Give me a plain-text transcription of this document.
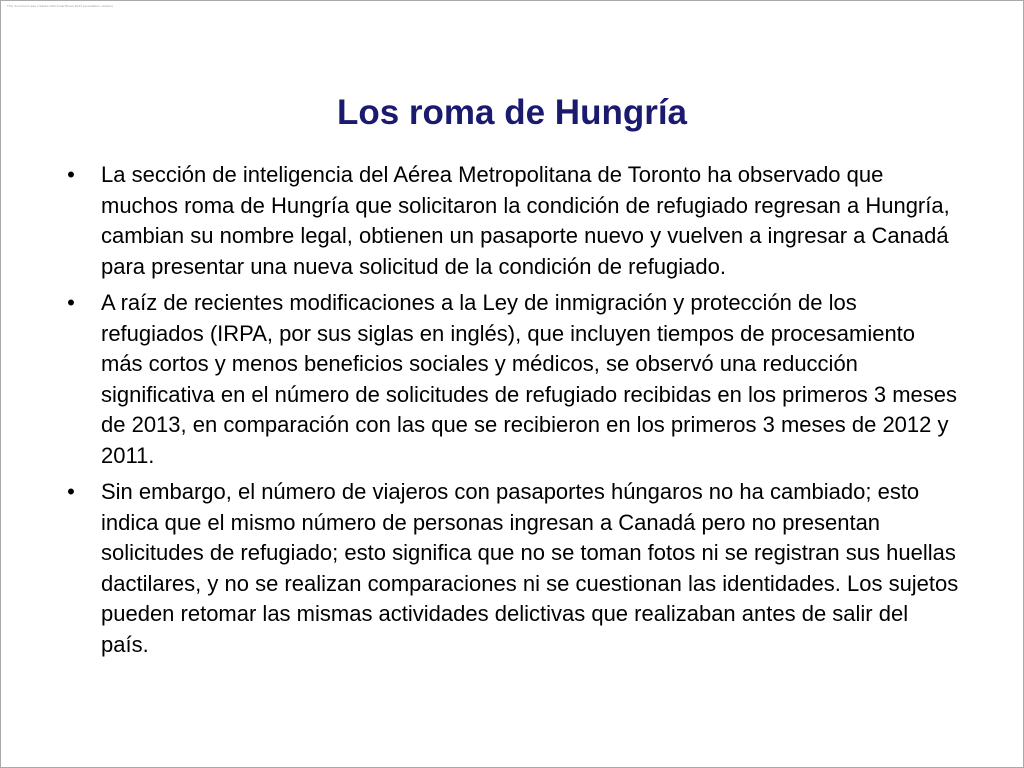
This document was created with SmartDraw 2013 (evaluation version)
Los roma de Hungría
• La sección de inteligencia del Aérea Metropolitana de Toronto ha observado que muchos roma de Hungría que solicitaron la condición de refugiado regresan a Hungría, cambian su nombre legal, obtienen un pasaporte nuevo y vuelven a ingresar a Canadá para presentar una nueva solicitud de la condición de refugiado.
• A raíz de recientes modificaciones a la Ley de inmigración y protección de los refugiados (IRPA, por sus siglas en inglés), que incluyen tiempos de procesamiento más cortos y menos beneficios sociales y médicos, se observó una reducción significativa en el número de solicitudes de refugiado recibidas en los primeros 3 meses de 2013, en comparación con las que se recibieron en los primeros 3 meses de 2012 y 2011.
• Sin embargo, el número de viajeros con pasaportes húngaros no ha cambiado; esto indica que el mismo número de personas ingresan a Canadá pero no presentan solicitudes de refugiado; esto significa que no se toman fotos ni se registran sus huellas dactilares, y no se realizan comparaciones ni se cuestionan las identidades. Los sujetos pueden retomar las mismas actividades delictivas que realizaban antes de salir del país.
